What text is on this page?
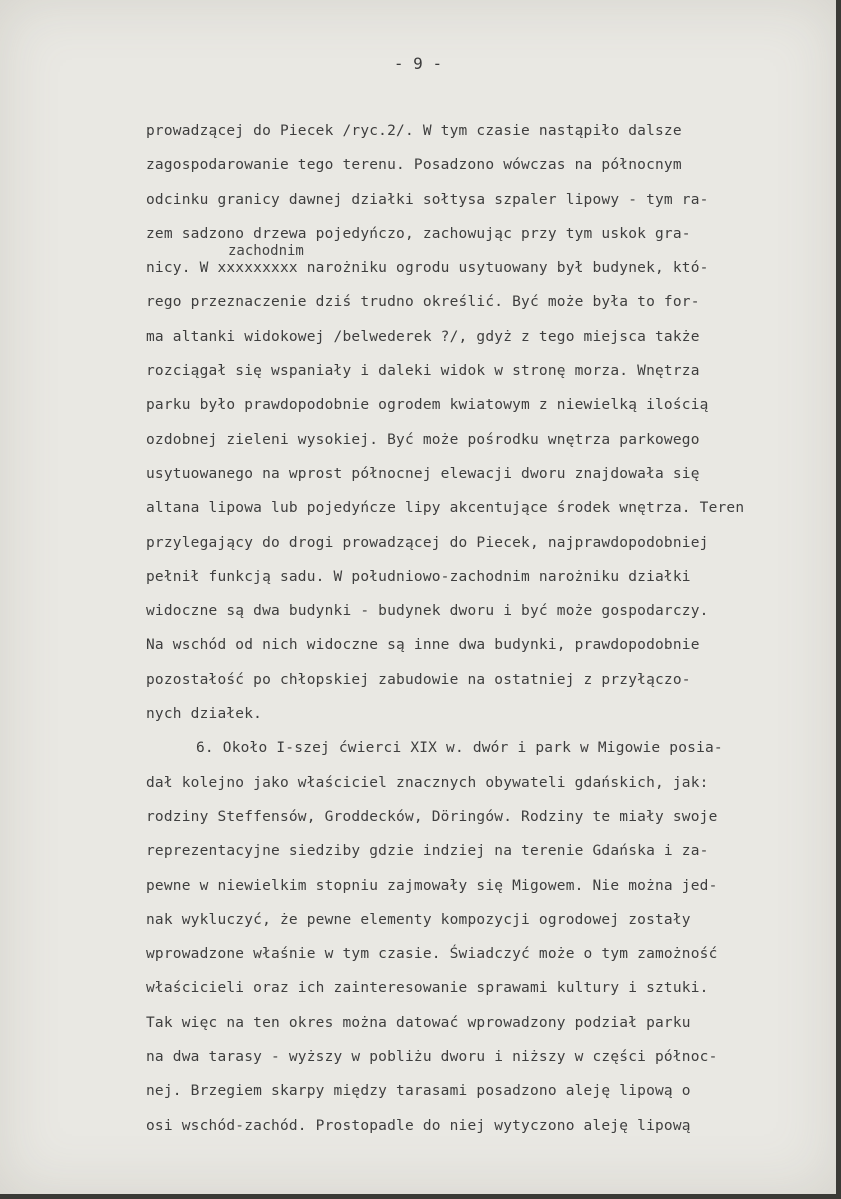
- 9 -
zachodnim
prowadzącej do Piecek /ryc.2/. W tym czasie nastąpiło dalsze
zagospodarowanie tego terenu. Posadzono wówczas na północnym
odcinku granicy dawnej działki sołtysa szpaler lipowy - tym ra-
zem sadzono drzewa pojedyńczo, zachowując przy tym uskok gra-
nicy. W xxxxxxxxx narożniku ogrodu usytuowany był budynek, któ-
rego przeznaczenie dziś trudno określić. Być może była to for-
ma altanki widokowej /belwederek ?/, gdyż z tego miejsca także
rozciągał się wspaniały i daleki widok w stronę morza. Wnętrza
parku było prawdopodobnie ogrodem kwiatowym z niewielką ilością
ozdobnej zieleni wysokiej. Być może pośrodku wnętrza parkowego
usytuowanego na wprost północnej elewacji dworu znajdowała się
altana lipowa lub pojedyńcze lipy akcentujące środek wnętrza. Teren
przylegający do drogi prowadzącej do Piecek, najprawdopodobniej
pełnił funkcją sadu. W południowo-zachodnim narożniku działki
widoczne są dwa budynki - budynek dworu i być może gospodarczy.
Na wschód od nich widoczne są inne dwa budynki, prawdopodobnie
pozostałość po chłopskiej zabudowie na ostatniej z przyłączo-
nych działek.
6. Około I-szej ćwierci XIX w. dwór i park w Migowie posia-
dał kolejno jako właściciel znacznych obywateli gdańskich, jak:
rodziny Steffensów, Groddecków, Döringów. Rodziny te miały swoje
reprezentacyjne siedziby gdzie indziej na terenie Gdańska i za-
pewne w niewielkim stopniu zajmowały się Migowem. Nie można jed-
nak wykluczyć, że pewne elementy kompozycji ogrodowej zostały
wprowadzone właśnie w tym czasie. Świadczyć może o tym zamożność
właścicieli oraz ich zainteresowanie sprawami kultury i sztuki.
Tak więc na ten okres można datować wprowadzony podział parku
na dwa tarasy - wyższy w pobliżu dworu i niższy w części północ-
nej. Brzegiem skarpy między tarasami posadzono aleję lipową o
osi wschód-zachód. Prostopadle do niej wytyczono aleję lipową
